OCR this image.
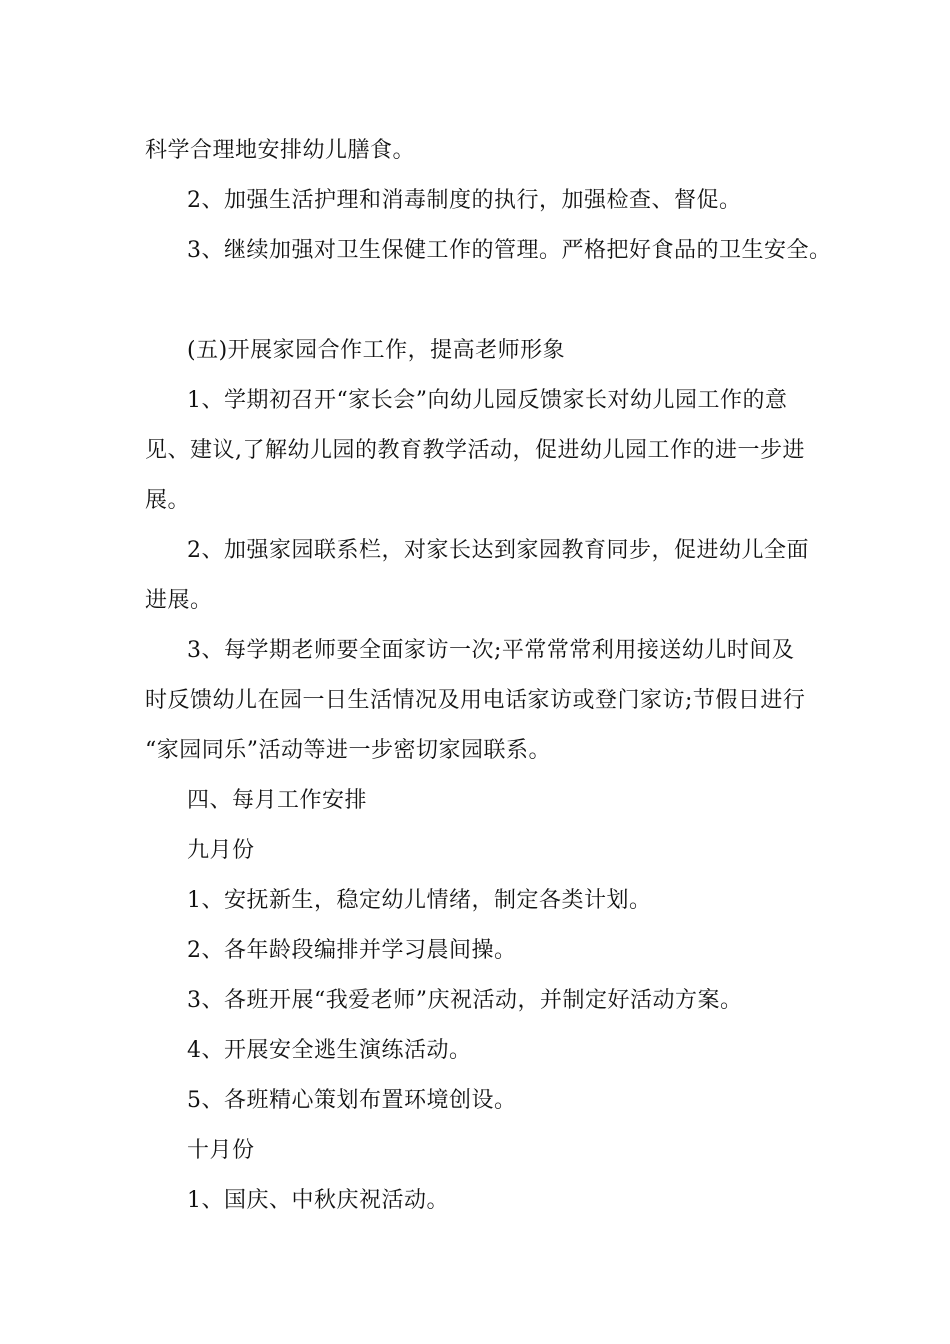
科学合理地安排幼儿膳食。
2、加强生活护理和消毒制度的执行，加强检查、督促。
3、继续加强对卫生保健工作的管理。严格把好食品的卫生安全。
(五)开展家园合作工作，提高老师形象
1、学期初召开“家长会”向幼儿园反馈家长对幼儿园工作的意
见、建议,了解幼儿园的教育教学活动，促进幼儿园工作的进一步进
展。
2、加强家园联系栏，对家长达到家园教育同步，促进幼儿全面
进展。
3、每学期老师要全面家访一次;平常常常利用接送幼儿时间及
时反馈幼儿在园一日生活情况及用电话家访或登门家访;节假日进行
“家园同乐”活动等进一步密切家园联系。
四、每月工作安排
九月份
1、安抚新生，稳定幼儿情绪，制定各类计划。
2、各年龄段编排并学习晨间操。
3、各班开展“我爱老师”庆祝活动，并制定好活动方案。
4、开展安全逃生演练活动。
5、各班精心策划布置环境创设。
十月份
1、国庆、中秋庆祝活动。
